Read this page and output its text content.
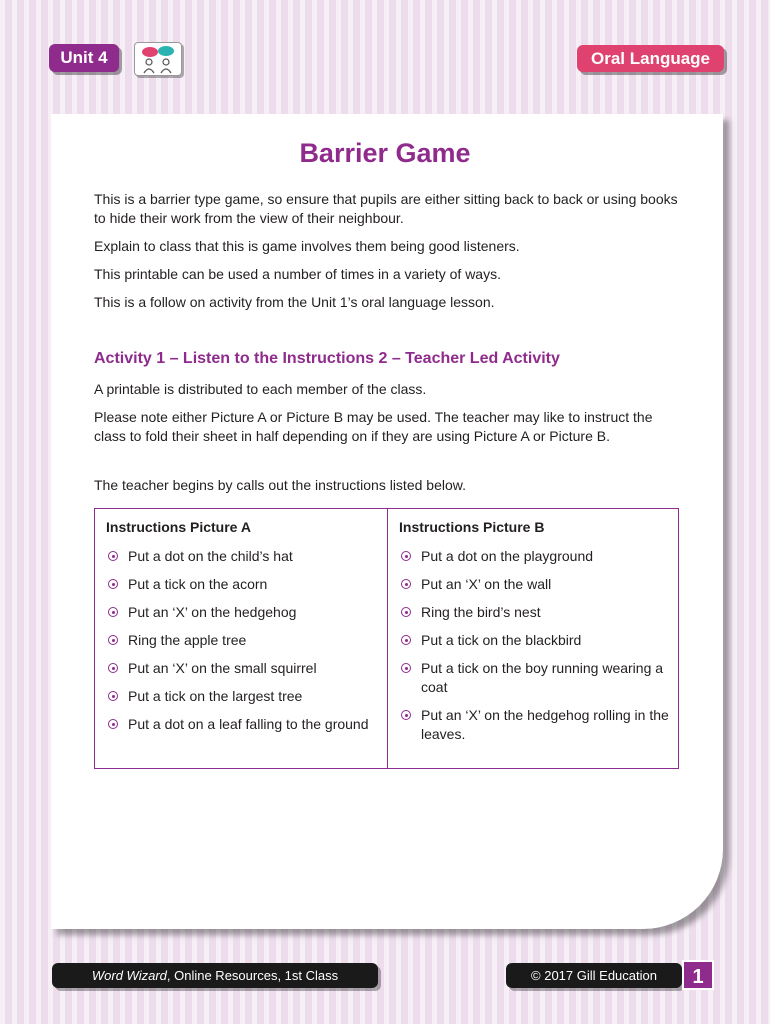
Unit 4	Oral Language
Barrier Game

This is a barrier type game, so ensure that pupils are either sitting back to back or using books to hide their work from the view of their neighbour.

Explain to class that this is game involves them being good listeners.

This printable can be used a number of times in a variety of ways.

This is a follow on activity from the Unit 1’s oral language lesson.

Activity 1 – Listen to the Instructions 2 – Teacher Led Activity

A printable is distributed to each member of the class.

Please note either Picture A or Picture B may be used. The teacher may like to instruct the class to fold their sheet in half depending on if they are using Picture A or Picture B.

The teacher begins by calls out the instructions listed below.

Instructions Picture A
Put a dot on the child’s hat
Put a tick on the acorn
Put an ‘X’ on the hedgehog
Ring the apple tree
Put an ‘X’ on the small squirrel
Put a tick on the largest tree
Put a dot on a leaf falling to the ground
Instructions Picture B
Put a dot on the playground
Put an ‘X’ on the wall
Ring the bird’s nest
Put a tick on the blackbird
Put a tick on the boy running wearing a coat
Put an ‘X’ on the hedgehog rolling in the leaves.
Word Wizard, Online Resources, 1st Class	© 2017 Gill Education	1
